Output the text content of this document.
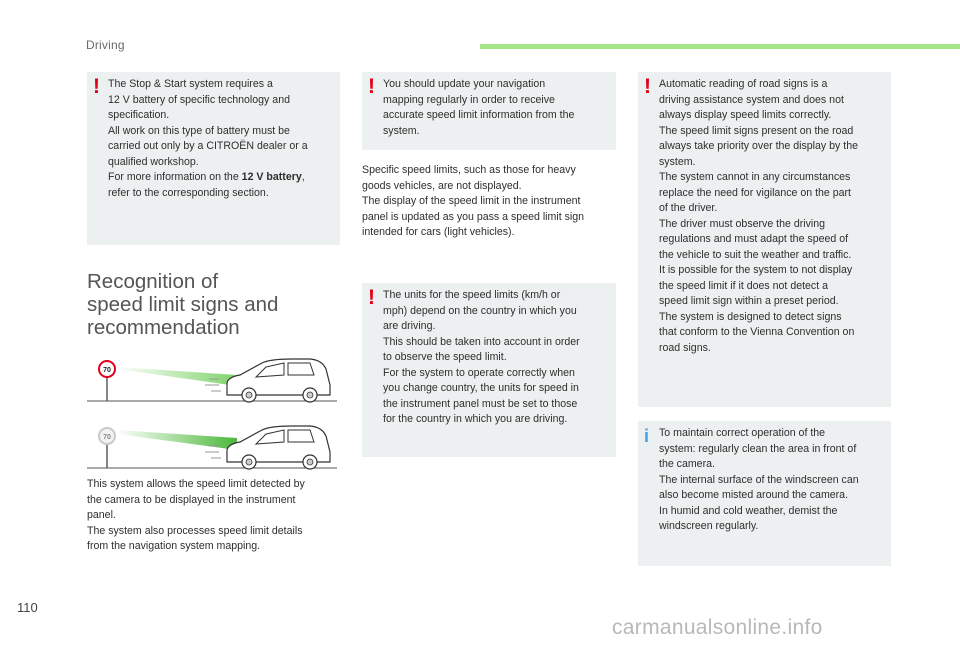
Driving
! The Stop & Start system requires a

12 V battery of specific technology and

specification.

All work on this type of battery must be

carried out only by a CITROËN dealer or a

qualified workshop.

For more information on the 12 V battery,

refer to the corresponding section.

Recognition of
speed limit signs and
recommendation
70
70

This system allows the speed limit detected by

the camera to be displayed in the instrument

panel.

The system also processes speed limit details

from the navigation system mapping.

! You should update your navigation

mapping regularly in order to receive

accurate speed limit information from the

system.

Specific speed limits, such as those for heavy

goods vehicles, are not displayed.

The display of the speed limit in the instrument

panel is updated as you pass a speed limit sign

intended for cars (light vehicles).

! The units for the speed limits (km/h or

mph) depend on the country in which you

are driving.

This should be taken into account in order

to observe the speed limit.

For the system to operate correctly when

you change country, the units for speed in

the instrument panel must be set to those

for the country in which you are driving.

! Automatic reading of road signs is a

driving assistance system and does not

always display speed limits correctly.

The speed limit signs present on the road

always take priority over the display by the

system.

The system cannot in any circumstances

replace the need for vigilance on the part

of the driver.

The driver must observe the driving

regulations and must adapt the speed of

the vehicle to suit the weather and traffic.

It is possible for the system to not display

the speed limit if it does not detect a

speed limit sign within a preset period.

The system is designed to detect signs

that conform to the Vienna Convention on

road signs.

i To maintain correct operation of the

system: regularly clean the area in front of

the camera.

The internal surface of the windscreen can

also become misted around the camera.

In humid and cold weather, demist the

windscreen regularly.

110
carmanualsonline.info
